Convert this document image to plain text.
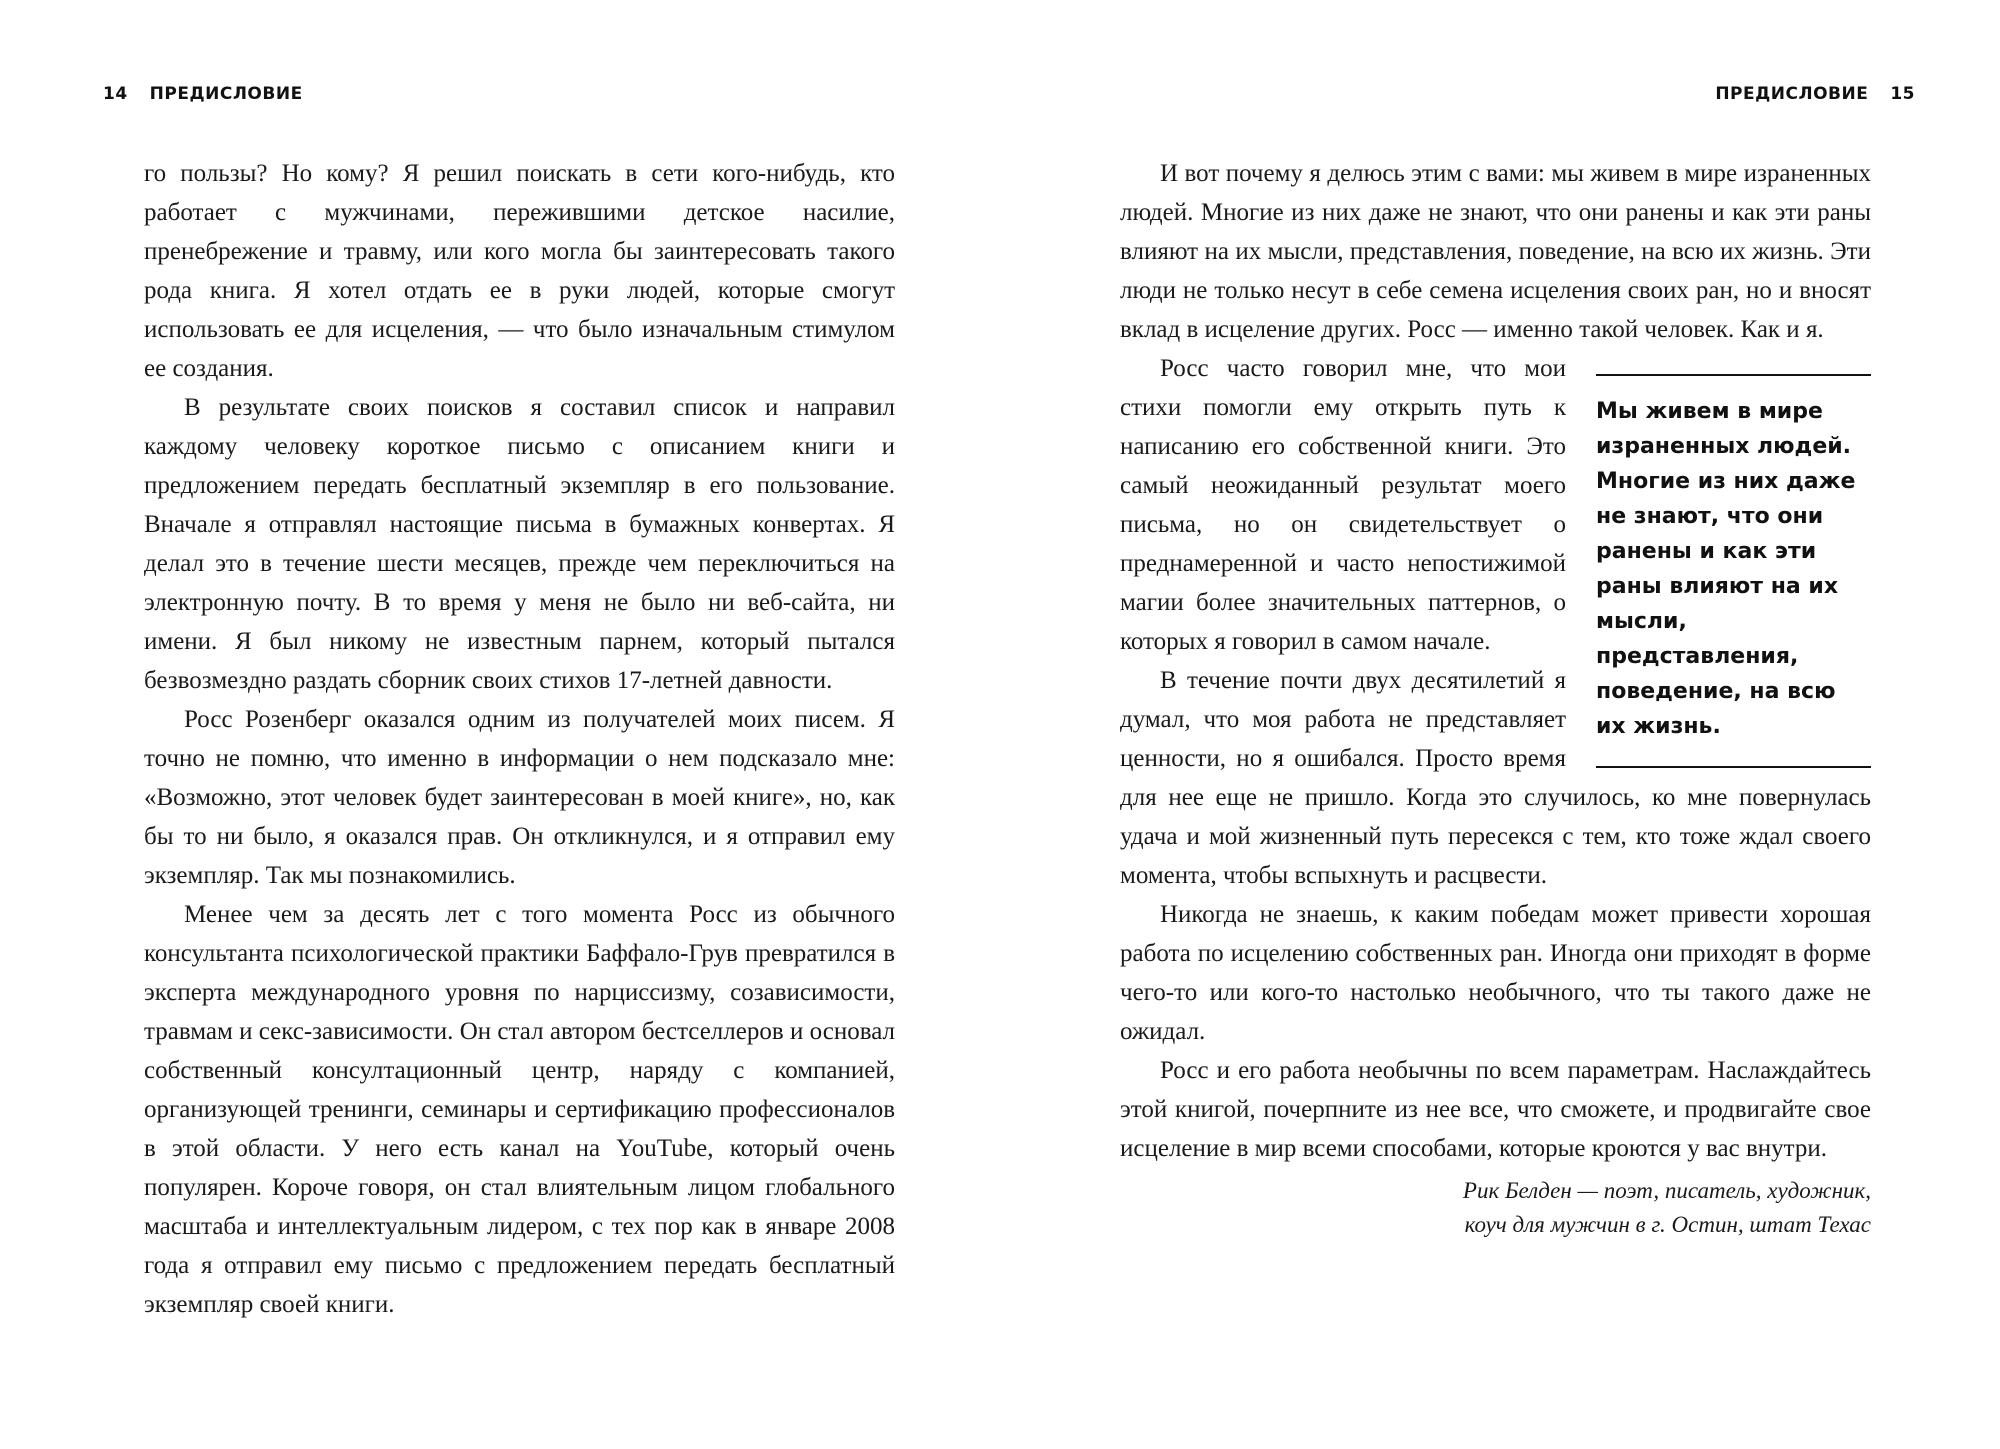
14 ПРЕДИСЛОВИЕ

го пользы? Но кому? Я решил поискать в сети кого-нибудь, кто работает с мужчинами, пережившими детское насилие, пренебрежение и травму, или кого могла бы заинтересовать такого рода книга. Я хотел отдать ее в руки людей, которые смогут использовать ее для исцеления, — что было изначальным стимулом ее создания.

В результате своих поисков я составил список и направил каждому человеку короткое письмо с описанием книги и предложением передать бесплатный экземпляр в его пользование. Вначале я отправлял настоящие письма в бумажных конвертах. Я делал это в течение шести месяцев, прежде чем переключиться на электронную почту. В то время у меня не было ни веб-сайта, ни имени. Я был никому не известным парнем, который пытался безвозмездно раздать сборник своих стихов 17-летней давности.

Росс Розенберг оказался одним из получателей моих писем. Я точно не помню, что именно в информации о нем подсказало мне: «Возможно, этот человек будет заинтересован в моей книге», но, как бы то ни было, я оказался прав. Он откликнулся, и я отправил ему экземпляр. Так мы познакомились.

Менее чем за десять лет с того момента Росс из обычного консультанта психологической практики Баффало-Грув превратился в эксперта международного уровня по нарциссизму, созависимости, травмам и секс-зависимости. Он стал автором бестселлеров и основал собственный консултационный центр, наряду с компанией, организующей тренинги, семинары и сертификацию профессионалов в этой области. У него есть канал на YouTube, который очень популярен. Короче говоря, он стал влиятельным лицом глобального масштаба и интеллектуальным лидером, с тех пор как в январе 2008 года я отправил ему письмо с предложением передать бесплатный экземпляр своей книги.

ПРЕДИСЛОВИЕ 15

И вот почему я делюсь этим с вами: мы живем в мире израненных людей. Многие из них даже не знают, что они ранены и как эти раны влияют на их мысли, представления, поведение, на всю их жизнь. Эти люди не только несут в себе семена исцеления своих ран, но и вносят вклад в исцеление других. Росс — именно такой человек. Как и я.

Мы живем в мире израненных людей. Многие из них даже не знают, что они ранены и как эти раны влияют на их мысли, представления, поведение, на всю их жизнь.

Росс часто говорил мне, что мои стихи помогли ему открыть путь к написанию его собственной книги. Это самый неожиданный результат моего письма, но он свидетельствует о преднамеренной и часто непостижимой магии более значительных паттернов, о которых я говорил в самом начале.

В течение почти двух десятилетий я думал, что моя работа не представляет ценности, но я ошибался. Просто время для нее еще не пришло. Когда это случилось, ко мне повернулась удача и мой жизненный путь пересекся с тем, кто тоже ждал своего момента, чтобы вспыхнуть и расцвести.

Никогда не знаешь, к каким победам может привести хорошая работа по исцелению собственных ран. Иногда они приходят в форме чего-то или кого-то настолько необычного, что ты такого даже не ожидал.

Росс и его работа необычны по всем параметрам. Наслаждайтесь этой книгой, почерпните из нее все, что сможете, и продвигайте свое исцеление в мир всеми способами, которые кроются у вас внутри.

Рик Белден — поэт, писатель, художник,
коуч для мужчин в г. Остин, штат Техас
